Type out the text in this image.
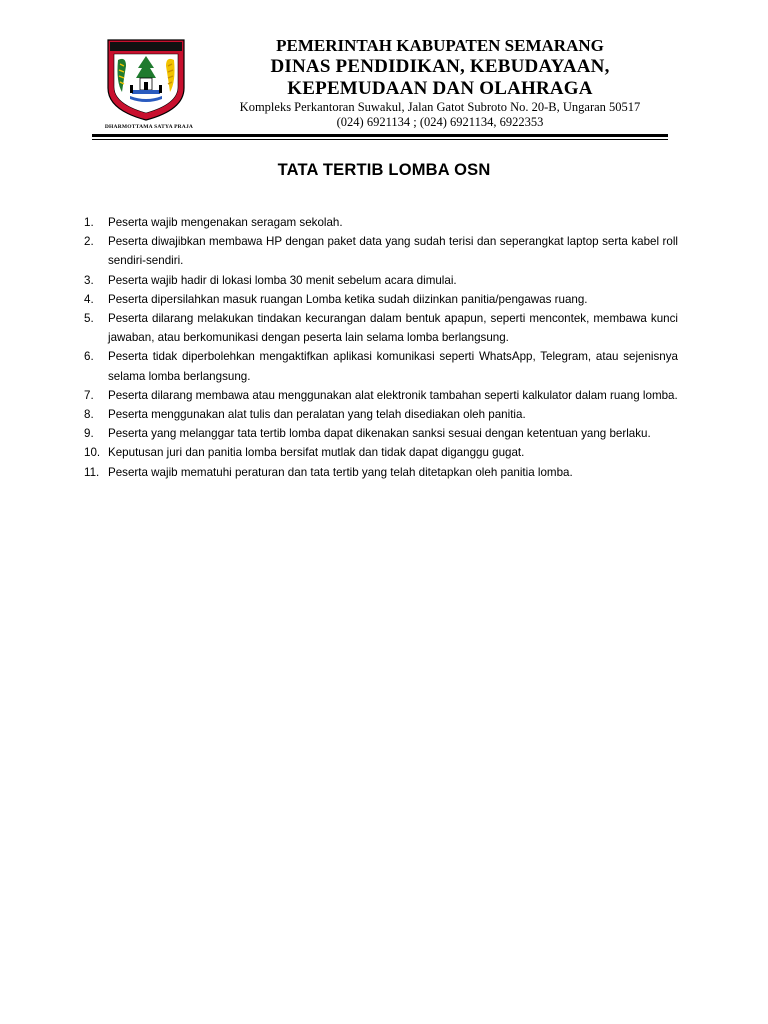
DHARMOTTAMA SATYA PRAJA
PEMERINTAH KABUPATEN SEMARANG
DINAS PENDIDIKAN, KEBUDAYAAN,
KEPEMUDAAN DAN OLAHRAGA
Kompleks Perkantoran Suwakul, Jalan Gatot Subroto No. 20-B, Ungaran 50517
(024) 6921134 ; (024) 6921134, 6922353
TATA TERTIB LOMBA OSN
1.	Peserta wajib mengenakan seragam sekolah.
2.	Peserta diwajibkan membawa HP dengan paket data yang sudah terisi dan seperangkat laptop serta kabel roll sendiri-sendiri.
3.	Peserta wajib hadir di lokasi lomba 30 menit sebelum acara dimulai.
4.	Peserta dipersilahkan masuk ruangan Lomba ketika sudah diizinkan panitia/pengawas ruang.
5.	Peserta dilarang melakukan tindakan kecurangan dalam bentuk apapun, seperti mencontek, membawa kunci jawaban, atau berkomunikasi dengan peserta lain selama lomba berlangsung.
6.	Peserta tidak diperbolehkan mengaktifkan aplikasi komunikasi seperti WhatsApp, Telegram, atau sejenisnya selama lomba berlangsung.
7.	Peserta dilarang membawa atau menggunakan alat elektronik tambahan seperti kalkulator dalam ruang lomba.
8.	Peserta menggunakan alat tulis dan peralatan yang telah disediakan oleh panitia.
9.	Peserta yang melanggar tata tertib lomba dapat dikenakan sanksi sesuai dengan ketentuan yang berlaku.
10. Keputusan juri dan panitia lomba bersifat mutlak dan tidak dapat diganggu gugat.
11. Peserta wajib mematuhi peraturan dan tata tertib yang telah ditetapkan oleh panitia lomba.
